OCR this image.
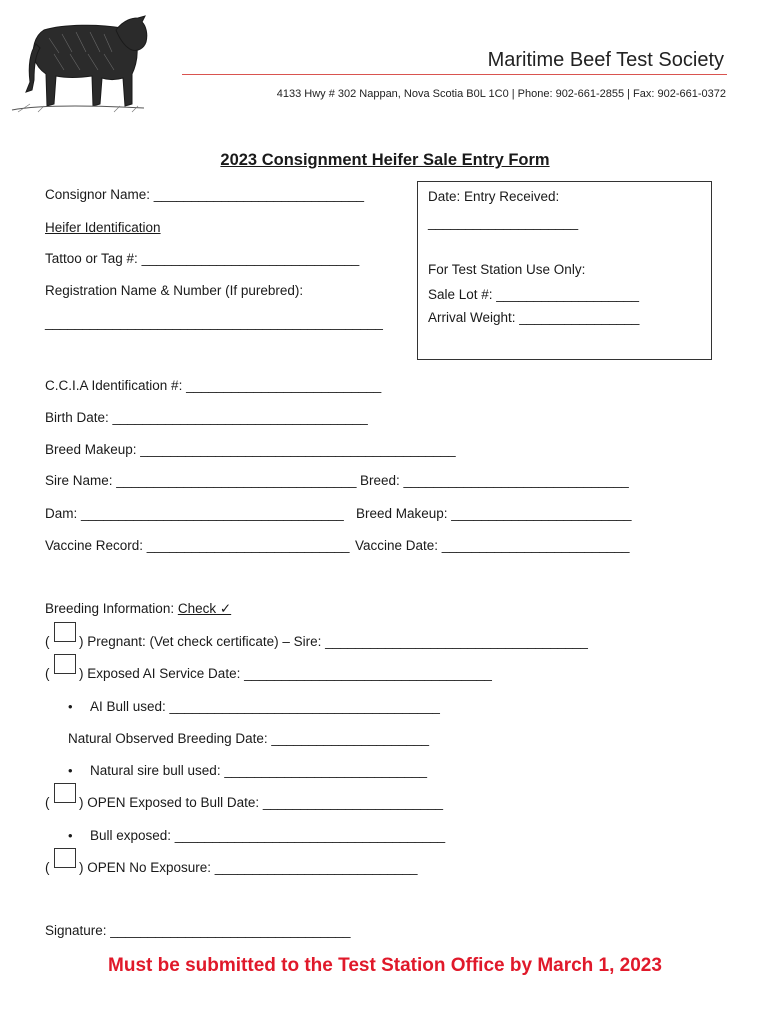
Maritime Beef Test Society
4133 Hwy # 302 Nappan, Nova Scotia B0L 1C0 | Phone: 902-661-2855 | Fax: 902-661-0372
2023 Consignment Heifer Sale Entry Form
Consignor Name: ____________________________
Heifer Identification
Tattoo or Tag #: _____________________________
Registration Name & Number (If purebred):
_____________________________________________
Date: Entry Received:
____________________
For Test Station Use Only:
Sale Lot #: ___________________
Arrival Weight: ________________
C.C.I.A Identification #: __________________________
Birth Date: __________________________________
Breed Makeup: __________________________________________
Sire Name: ________________________________ Breed: ______________________________
Dam: ___________________________________ Breed Makeup: ________________________
Vaccine Record: ___________________________ Vaccine Date: _________________________
Breeding Information: Check ✓
( ) Pregnant: (Vet check certificate) – Sire: ___________________________________
( ) Exposed AI Service Date: _________________________________
• AI Bull used: ____________________________________
Natural Observed Breeding Date: _____________________
• Natural sire bull used: ___________________________
( ) OPEN Exposed to Bull Date: ________________________
• Bull exposed: ____________________________________
( ) OPEN No Exposure: ___________________________
Signature: ________________________________
Must be submitted to the Test Station Office by March 1, 2023
